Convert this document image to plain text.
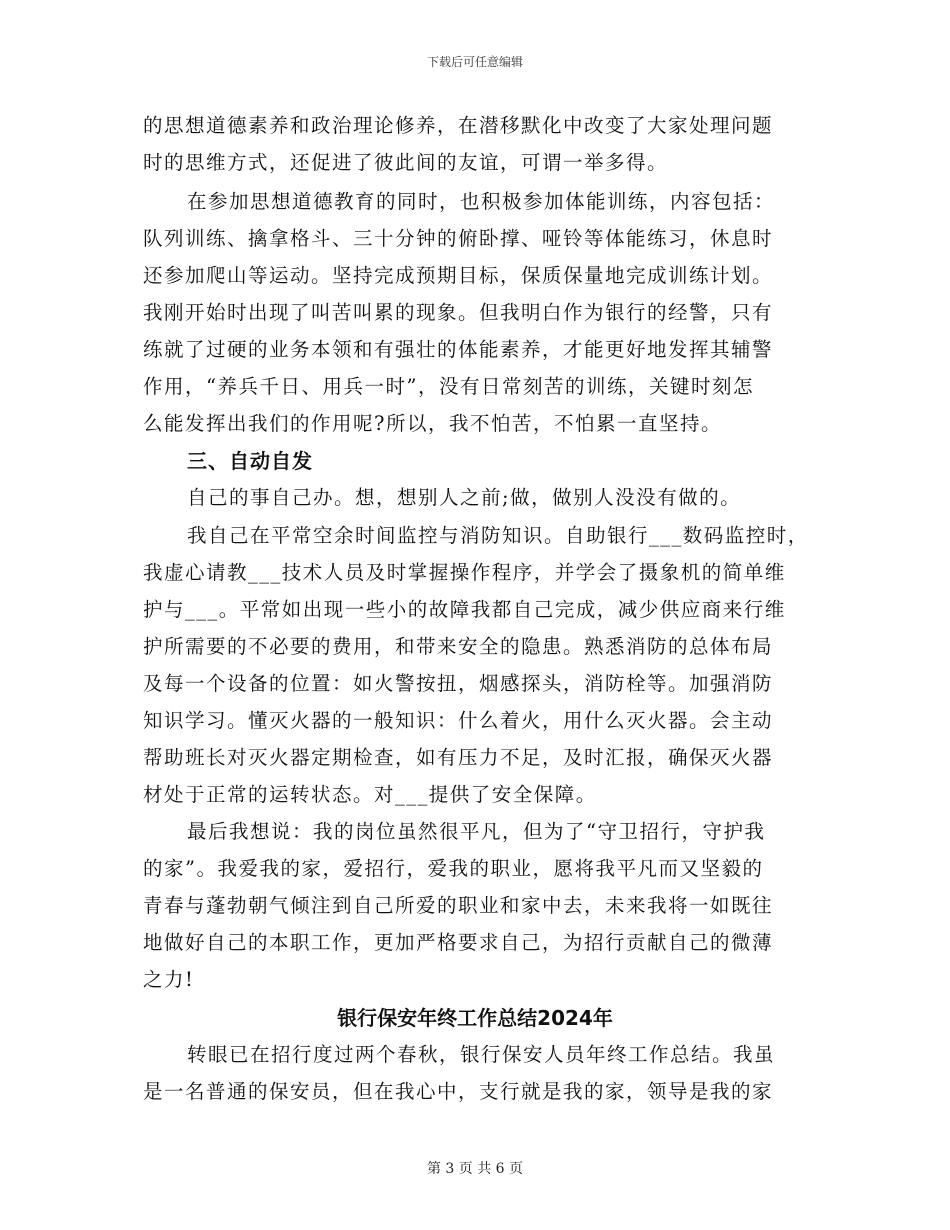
下载后可任意编辑
的思想道德素养和政治理论修养，在潜移默化中改变了大家处理问题
时的思维方式，还促进了彼此间的友谊，可谓一举多得。
在参加思想道德教育的同时，也积极参加体能训练，内容包括：
队列训练、擒拿格斗、三十分钟的俯卧撑、哑铃等体能练习，休息时
还参加爬山等运动。坚持完成预期目标，保质保量地完成训练计划。
我刚开始时出现了叫苦叫累的现象。但我明白作为银行的经警，只有
练就了过硬的业务本领和有强壮的体能素养，才能更好地发挥其辅警
作用，“养兵千日、用兵一时”，没有日常刻苦的训练，关键时刻怎
么能发挥出我们的作用呢?所以，我不怕苦，不怕累一直坚持。
三、自动自发
自己的事自己办。想，想别人之前;做，做别人没没有做的。
我自己在平常空余时间监控与消防知识。自助银行___数码监控时，
我虚心请教___技术人员及时掌握操作程序，并学会了摄象机的简单维
护与___。平常如出现一些小的故障我都自己完成，减少供应商来行维
护所需要的不必要的费用，和带来安全的隐患。熟悉消防的总体布局
及每一个设备的位置：如火警按扭，烟感探头，消防栓等。加强消防
知识学习。懂灭火器的一般知识：什么着火，用什么灭火器。会主动
帮助班长对灭火器定期检查，如有压力不足，及时汇报，确保灭火器
材处于正常的运转状态。对___提供了安全保障。
最后我想说：我的岗位虽然很平凡，但为了“守卫招行，守护我
的家”。我爱我的家，爱招行，爱我的职业，愿将我平凡而又坚毅的
青春与蓬勃朝气倾注到自己所爱的职业和家中去，未来我将一如既往
地做好自己的本职工作，更加严格要求自己，为招行贡献自己的微薄
之力!
银行保安年终工作总结2024年
转眼已在招行度过两个春秋，银行保安人员年终工作总结。我虽
是一名普通的保安员，但在我心中，支行就是我的家，领导是我的家
第 3 页 共 6 页
